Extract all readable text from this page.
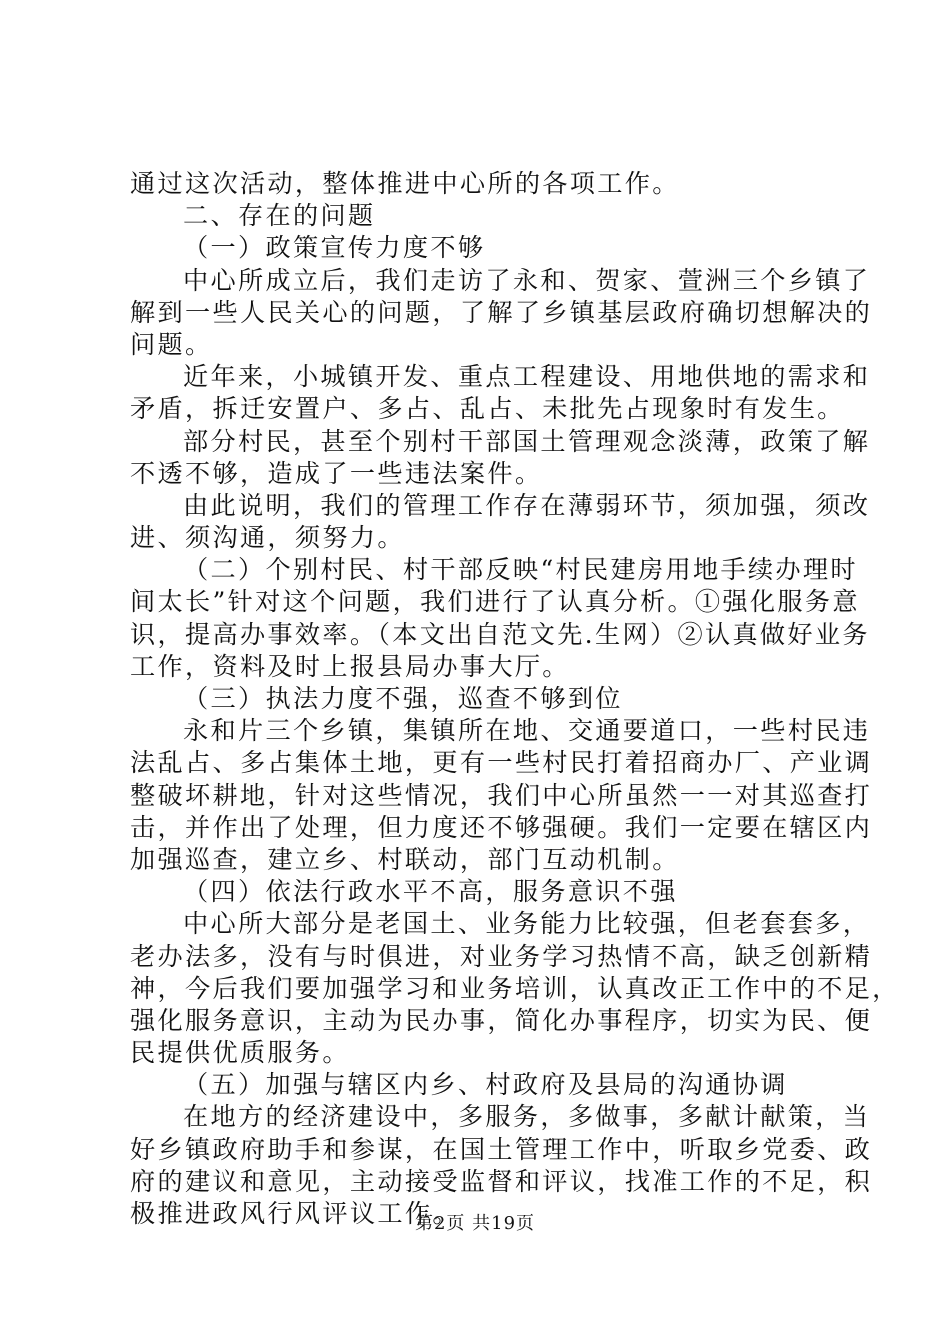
通过这次活动，整体推进中心所的各项工作。
二、存在的问题
（一）政策宣传力度不够
中心所成立后，我们走访了永和、贺家、萱洲三个乡镇了
解到一些人民关心的问题，了解了乡镇基层政府确切想解决的
问题。
近年来，小城镇开发、重点工程建设、用地供地的需求和
矛盾，拆迁安置户、多占、乱占、未批先占现象时有发生。
部分村民，甚至个别村干部国土管理观念淡薄，政策了解
不透不够，造成了一些违法案件。
由此说明，我们的管理工作存在薄弱环节，须加强，须改
进、须沟通，须努力。
（二）个别村民、村干部反映“村民建房用地手续办理时
间太长”针对这个问题，我们进行了认真分析。①强化服务意
识，提高办事效率。（本文出自范文先.生网）②认真做好业务
工作，资料及时上报县局办事大厅。
（三）执法力度不强，巡查不够到位
永和片三个乡镇，集镇所在地、交通要道口，一些村民违
法乱占、多占集体土地，更有一些村民打着招商办厂、产业调
整破坏耕地，针对这些情况，我们中心所虽然一一对其巡查打
击，并作出了处理，但力度还不够强硬。我们一定要在辖区内
加强巡查，建立乡、村联动，部门互动机制。
（四）依法行政水平不高，服务意识不强
中心所大部分是老国土、业务能力比较强，但老套套多，
老办法多，没有与时俱进，对业务学习热情不高，缺乏创新精
神，今后我们要加强学习和业务培训，认真改正工作中的不足，
强化服务意识，主动为民办事，简化办事程序，切实为民、便
民提供优质服务。
（五）加强与辖区内乡、村政府及县局的沟通协调
在地方的经济建设中，多服务，多做事，多献计献策，当
好乡镇政府助手和参谋，在国土管理工作中，听取乡党委、政
府的建议和意见，主动接受监督和评议，找准工作的不足，积
极推进政风行风评议工作。
第2页 共19页
